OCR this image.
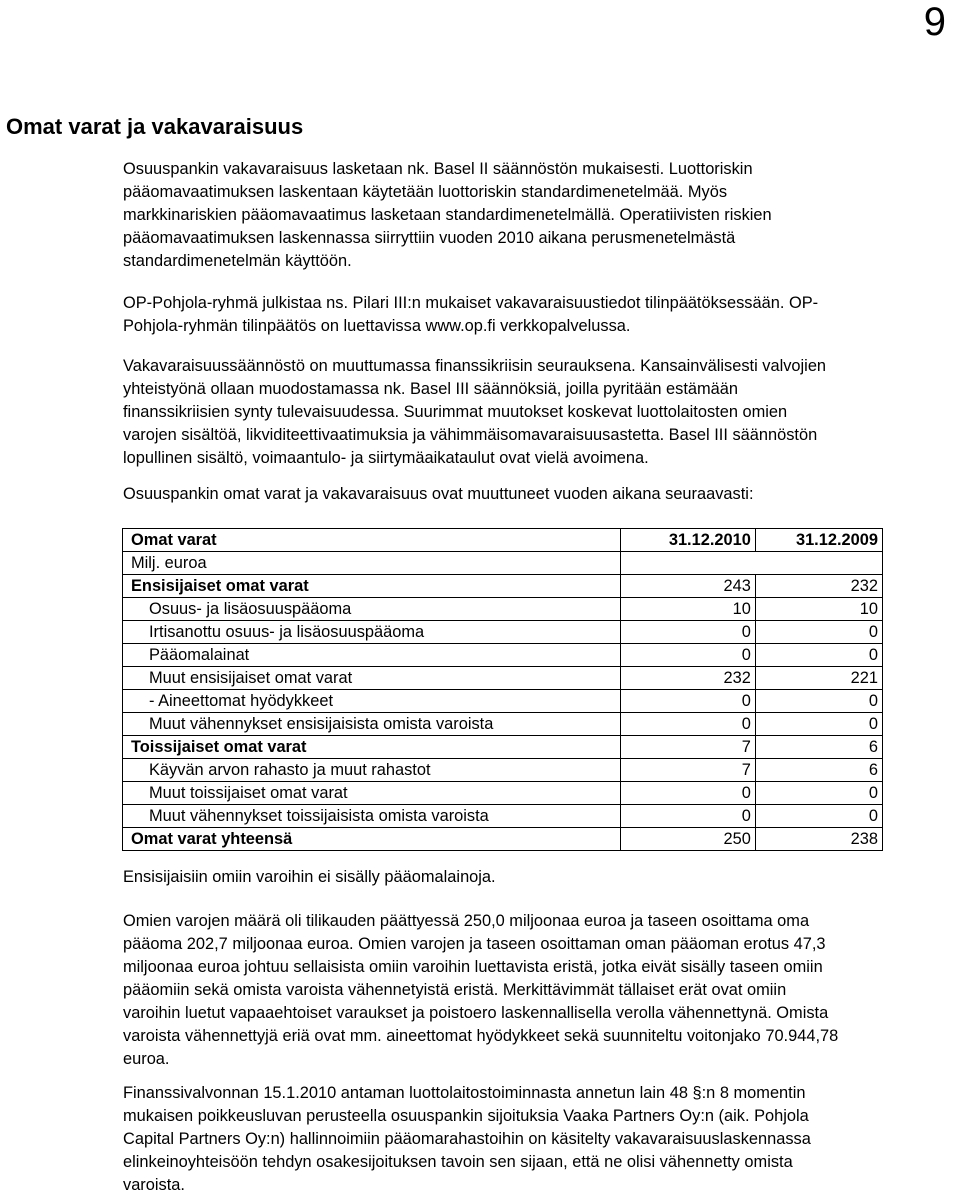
9
Omat varat ja vakavaraisuus

Osuuspankin vakavaraisuus lasketaan nk. Basel II säännöstön mukaisesti. Luottoriskin
pääomavaatimuksen laskentaan käytetään luottoriskin standardimenetelmää. Myös
markkinariskien pääomavaatimus lasketaan standardimenetelmällä. Operatiivisten riskien
pääomavaatimuksen laskennassa siirryttiin vuoden 2010 aikana perusmenetelmästä
standardimenetelmän käyttöön.

OP-Pohjola-ryhmä julkistaa ns. Pilari III:n mukaiset vakavaraisuustiedot tilinpäätöksessään. OP-
Pohjola-ryhmän tilinpäätös on luettavissa www.op.fi verkkopalvelussa.

Vakavaraisuussäännöstö on muuttumassa finanssikriisin seurauksena. Kansainvälisesti valvojien
yhteistyönä ollaan muodostamassa nk. Basel III säännöksiä, joilla pyritään estämään
finanssikriisien synty tulevaisuudessa. Suurimmat muutokset koskevat luottolaitosten omien
varojen sisältöä, likviditeettivaatimuksia ja vähimmäisomavaraisuusastetta. Basel III säännöstön
lopullinen sisältö, voimaantulo- ja siirtymäaikataulut ovat vielä avoimena.

Osuuspankin omat varat ja vakavaraisuus ovat muuttuneet vuoden aikana seuraavasti:

Omat varat	31.12.2010	31.12.2009
Milj. euroa		
Ensisijaiset omat varat	243	232
Osuus- ja lisäosuuspääoma	10	10
Irtisanottu osuus- ja lisäosuuspääoma	0	0
Pääomalainat	0	0
Muut ensisijaiset omat varat	232	221
- Aineettomat hyödykkeet	0	0
Muut vähennykset ensisijaisista omista varoista	0	0
Toissijaiset omat varat	7	6
Käyvän arvon rahasto ja muut rahastot	7	6
Muut toissijaiset omat varat	0	0
Muut vähennykset toissijaisista omista varoista	0	0
Omat varat yhteensä	250	238

Ensisijaisiin omiin varoihin ei sisälly pääomalainoja.

Omien varojen määrä oli tilikauden päättyessä 250,0 miljoonaa euroa ja taseen osoittama oma
pääoma 202,7 miljoonaa euroa. Omien varojen ja taseen osoittaman oman pääoman erotus 47,3
miljoonaa euroa johtuu sellaisista omiin varoihin luettavista eristä, jotka eivät sisälly taseen omiin
pääomiin sekä omista varoista vähennetyistä eristä. Merkittävimmät tällaiset erät ovat omiin
varoihin luetut vapaaehtoiset varaukset ja poistoero laskennallisella verolla vähennettynä. Omista
varoista vähennettyjä eriä ovat mm. aineettomat hyödykkeet sekä suunniteltu voitonjako 70.944,78
euroa.

Finanssivalvonnan 15.1.2010 antaman luottolaitostoiminnasta annetun lain 48 §:n 8 momentin
mukaisen poikkeusluvan perusteella osuuspankin sijoituksia Vaaka Partners Oy:n (aik. Pohjola
Capital Partners Oy:n) hallinnoimiin pääomarahastoihin on käsitelty vakavaraisuuslaskennassa
elinkeinoyhteisöön tehdyn osakesijoituksen tavoin sen sijaan, että ne olisi vähennetty omista
varoista.
